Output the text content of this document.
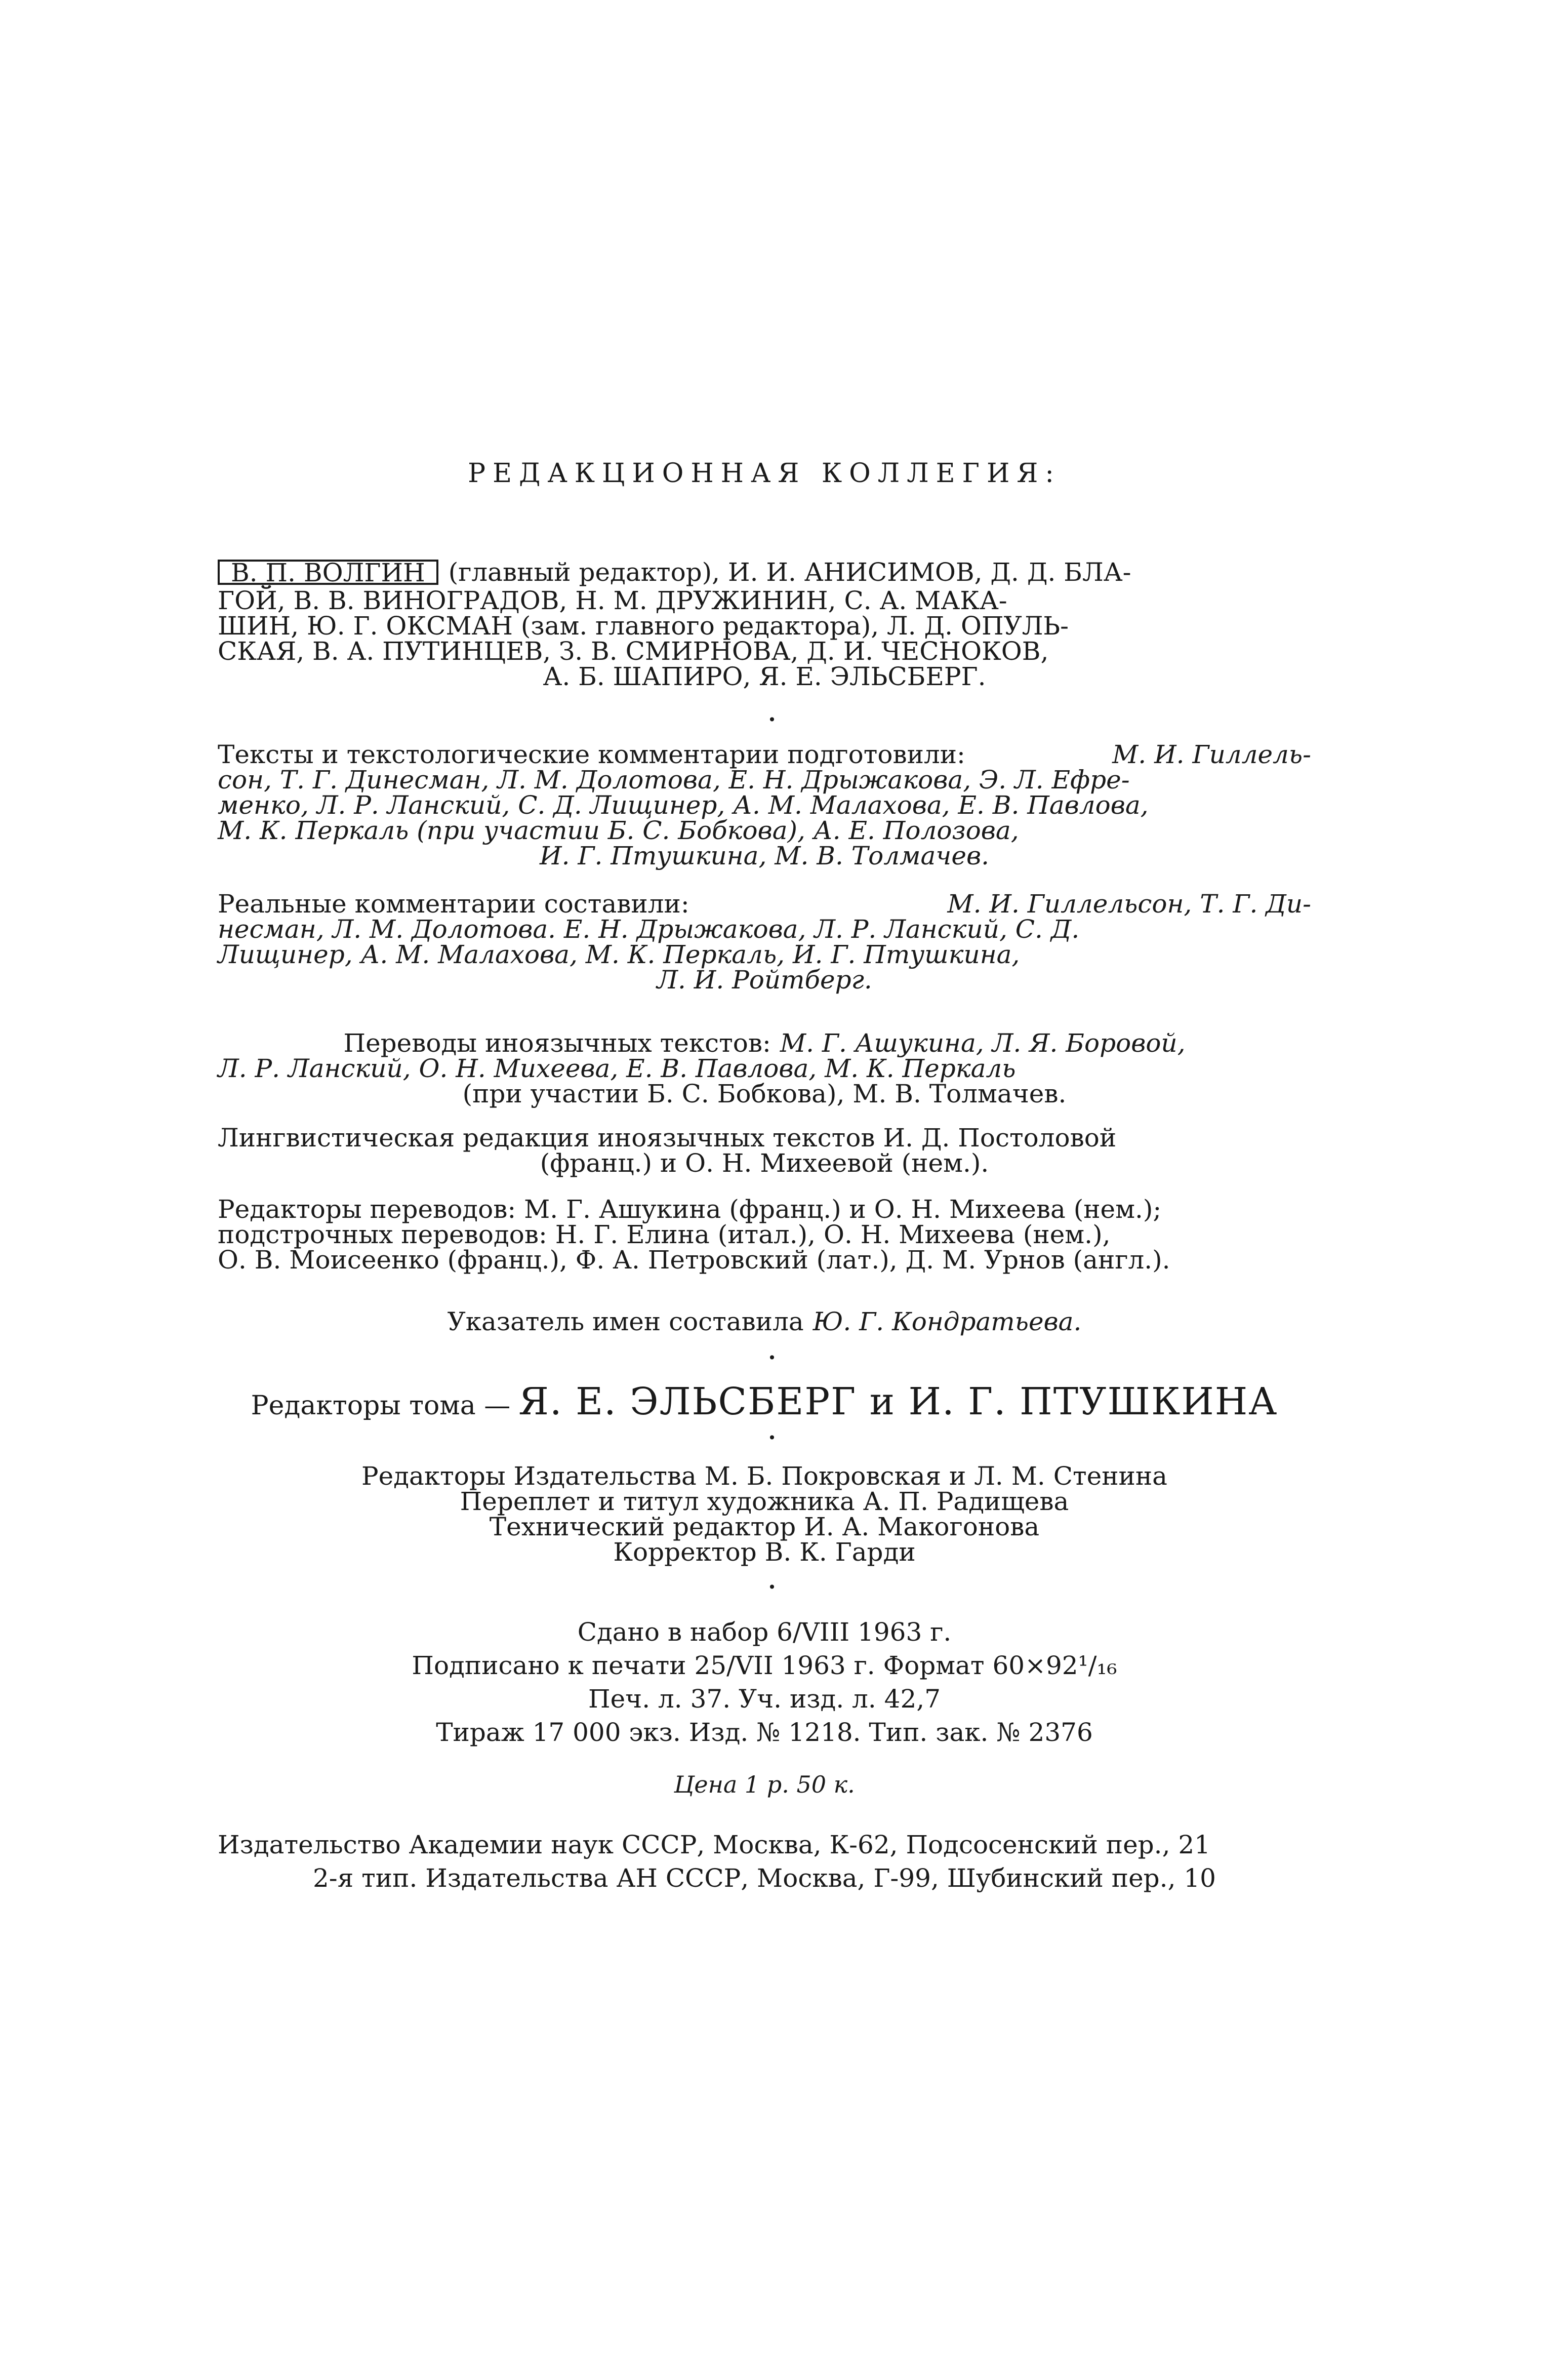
РЕДАКЦИОННАЯ КОЛЛЕГИЯ:
В. П. ВОЛГИН (главный редактор), И. И. АНИСИМОВ, Д. Д. БЛА-
ГОЙ, В. В. ВИНОГРАДОВ, Н. М. ДРУЖИНИН, С. А. МАКА-
ШИН, Ю. Г. ОКСМАН (зам. главного редактора), Л. Д. ОПУЛЬ-
СКАЯ, В. А. ПУТИНЦЕВ, З. В. СМИРНОВА, Д. И. ЧЕСНОКОВ,
А. Б. ШАПИРО, Я. Е. ЭЛЬСБЕРГ.
•
Тексты и текстологические комментарии подготовили:	М. И. Гиллель-
сон, Т. Г. Динесман, Л. М. Долотова, Е. Н. Дрыжакова, Э. Л. Ефре-
менко, Л. Р. Ланский, С. Д. Лищинер, А. М. Малахова, Е. В. Павлова,
М. К. Перкаль (при участии Б. С. Бобкова), А. Е. Полозова,
И. Г. Птушкина, М. В. Толмачев.
Реальные комментарии составили:	М. И. Гиллельсон, Т. Г. Ди-
несман, Л. М. Долотова. Е. Н. Дрыжакова, Л. Р. Ланский, С. Д.
Лищинер, А. М. Малахова, М. К. Перкаль, И. Г. Птушкина,
Л. И. Ройтберг.
Переводы иноязычных текстов: М. Г. Ашукина, Л. Я. Боровой,
Л. Р. Ланский, О. Н. Михеева, Е. В. Павлова, М. К. Перкаль
(при участии Б. С. Бобкова), М. В. Толмачев.
Лингвистическая редакция иноязычных текстов И. Д. Постоловой
(франц.) и О. Н. Михеевой (нем.).
Редакторы переводов: М. Г. Ашукина (франц.) и О. Н. Михеева (нем.);
подстрочных переводов: Н. Г. Елина (итал.), О. Н. Михеева (нем.),
О. В. Моисеенко (франц.), Ф. А. Петровский (лат.), Д. М. Урнов (англ.).
Указатель имен составила Ю. Г. Кондратьева.
•
Редакторы тома — Я. Е. ЭЛЬСБЕРГ и И. Г. ПТУШКИНА
•
Редакторы Издательства М. Б. Покровская и Л. М. Стенина
Переплет и титул художника А. П. Радищева
Технический редактор И. А. Макогонова
Корректор В. К. Гарди
•
Сдано в набор 6/VIII 1963 г.
Подписано к печати 25/VII 1963 г. Формат 60×92¹/₁₆
Печ. л. 37. Уч. изд. л. 42,7
Тираж 17 000 экз. Изд. № 1218. Тип. зак. № 2376
Цена 1 р. 50 к.
Издательство Академии наук СССР, Москва, К-62, Подсосенский пер., 21
2-я тип. Издательства АН СССР, Москва, Г-99, Шубинский пер., 10
